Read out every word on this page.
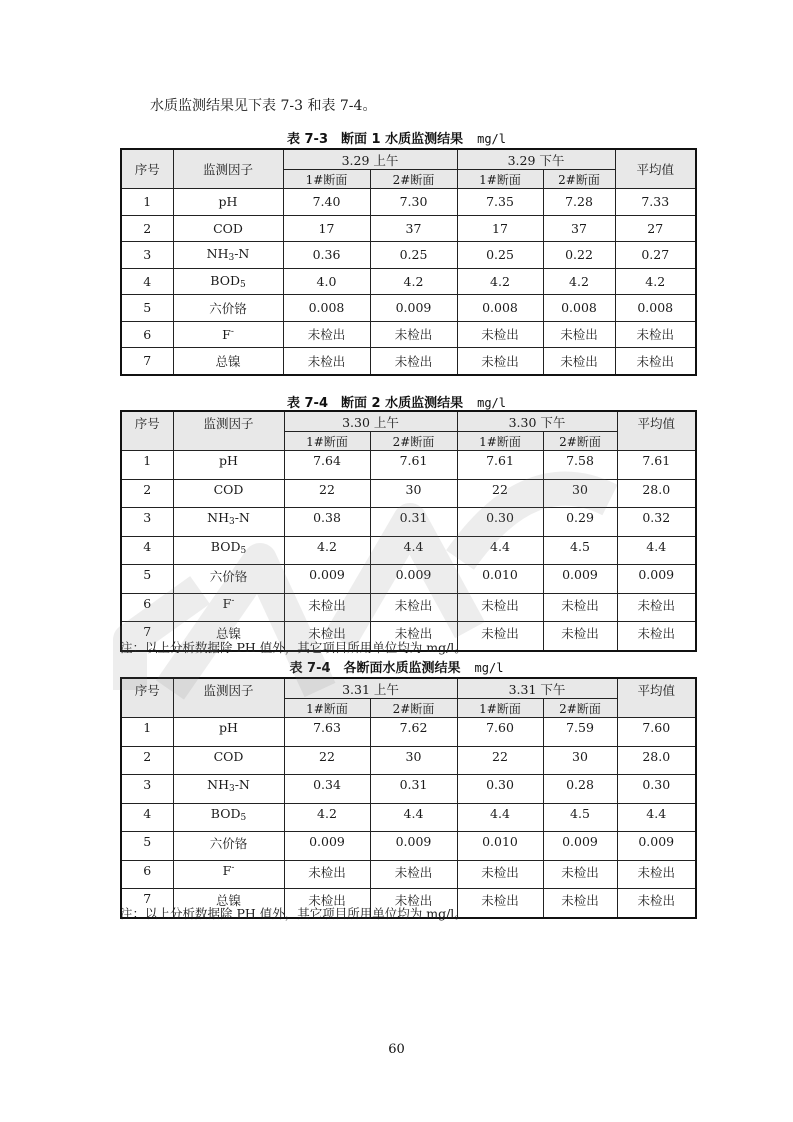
水质监测结果见下表 7-3 和表 7-4。
表 7-3　断面 1 水质监测结果 mg/l
序号	监测因子	3.29 上午		3.29 下午		平均值
		1#断面	2#断面	1#断面	2#断面	
1	pH	7.40	7.30	7.35	7.28	7.33
2	COD	17	37	17	37	27
3	$NH_3-N$	0.36	0.25	0.25	0.22	0.27
4	$BOD_5$	4.0	4.2	4.2	4.2	4.2
5	六价铬	0.008	0.009	0.008	0.008	0.008
6	F-	未检出	未检出	未检出	未检出	未检出
7	总镍	未检出	未检出	未检出	未检出	未检出
表 7-4　断面 2 水质监测结果 mg/l
序号	监测因子	3.30 上午		3.30 下午		平均值
		1#断面	2#断面	1#断面	2#断面	
1	pH	7.64	7.61	7.61	7.58	7.61
2	COD	22	30	22	30	28.0
3	$NH_3-N$	0.38	0.31	0.30	0.29	0.32
4	$BOD_5$	4.2	4.4	4.4	4.5	4.4
5	六价铬	0.009	0.009	0.010	0.009	0.009
6	F-	未检出	未检出	未检出	未检出	未检出
7	总镍	未检出	未检出	未检出	未检出	未检出
注：以上分析数据除 PH 值外，其它项目所用单位均为 mg/l。
表 7-4　各断面水质监测结果 mg/l
序号	监测因子	3.31 上午		3.31 下午		平均值
		1#断面	2#断面	1#断面	2#断面	
1	pH	7.63	7.62	7.60	7.59	7.60
2	COD	22	30	22	30	28.0
3	$NH_3-N$	0.34	0.31	0.30	0.28	0.30
4	$BOD_5$	4.2	4.4	4.4	4.5	4.4
5	六价铬	0.009	0.009	0.010	0.009	0.009
6	F-	未检出	未检出	未检出	未检出	未检出
7	总镍	未检出	未检出	未检出	未检出	未检出
注：以上分析数据除 PH 值外，其它项目所用单位均为 mg/l。
60
